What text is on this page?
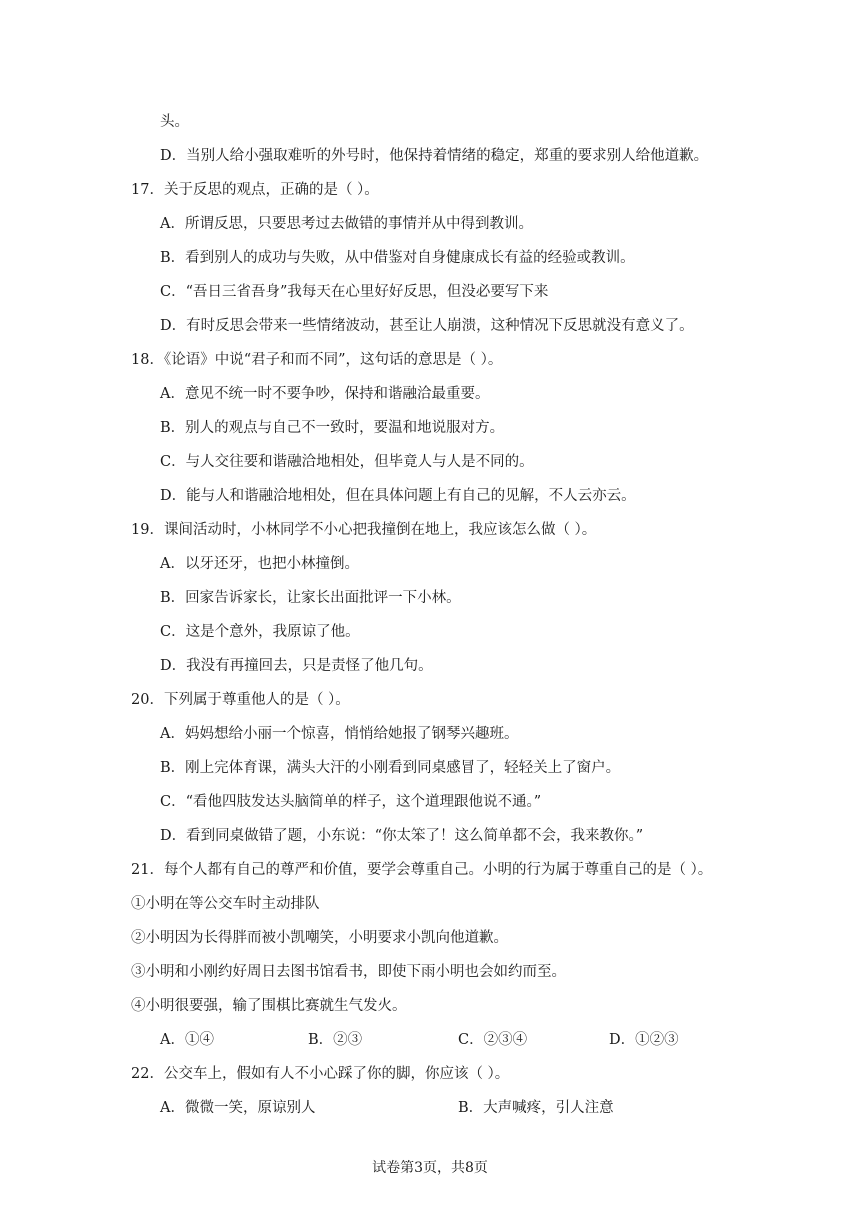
头。
D．当别人给小强取难听的外号时，他保持着情绪的稳定，郑重的要求别人给他道歉。
17．关于反思的观点，正确的是（ ）。
A．所谓反思，只要思考过去做错的事情并从中得到教训。
B．看到别人的成功与失败，从中借鉴对自身健康成长有益的经验或教训。
C．“吾日三省吾身”我每天在心里好好反思，但没必要写下来
D．有时反思会带来一些情绪波动，甚至让人崩溃，这种情况下反思就没有意义了。
18．《论语》中说“君子和而不同”，这句话的意思是（ ）。
A．意见不统一时不要争吵，保持和谐融洽最重要。
B．别人的观点与自己不一致时，要温和地说服对方。
C．与人交往要和谐融洽地相处，但毕竟人与人是不同的。
D．能与人和谐融洽地相处，但在具体问题上有自己的见解，不人云亦云。
19．课间活动时，小林同学不小心把我撞倒在地上，我应该怎么做（ ）。
A．以牙还牙，也把小林撞倒。
B．回家告诉家长，让家长出面批评一下小林。
C．这是个意外，我原谅了他。
D．我没有再撞回去，只是责怪了他几句。
20．下列属于尊重他人的是（ ）。
A．妈妈想给小丽一个惊喜，悄悄给她报了钢琴兴趣班。
B．刚上完体育课，满头大汗的小刚看到同桌感冒了，轻轻关上了窗户。
C．“看他四肢发达头脑简单的样子，这个道理跟他说不通。”
D．看到同桌做错了题，小东说：“你太笨了！这么简单都不会，我来教你。”
21．每个人都有自己的尊严和价值，要学会尊重自己。小明的行为属于尊重自己的是（ ）。
①小明在等公交车时主动排队
②小明因为长得胖而被小凯嘲笑，小明要求小凯向他道歉。
③小明和小刚约好周日去图书馆看书，即使下雨小明也会如约而至。
④小明很要强，输了围棋比赛就生气发火。
A．①④	B．②③	C．②③④	D．①②③
22．公交车上，假如有人不小心踩了你的脚，你应该（ ）。
A．微微一笑，原谅别人	B．大声喊疼，引人注意
试卷第3页，共8页
